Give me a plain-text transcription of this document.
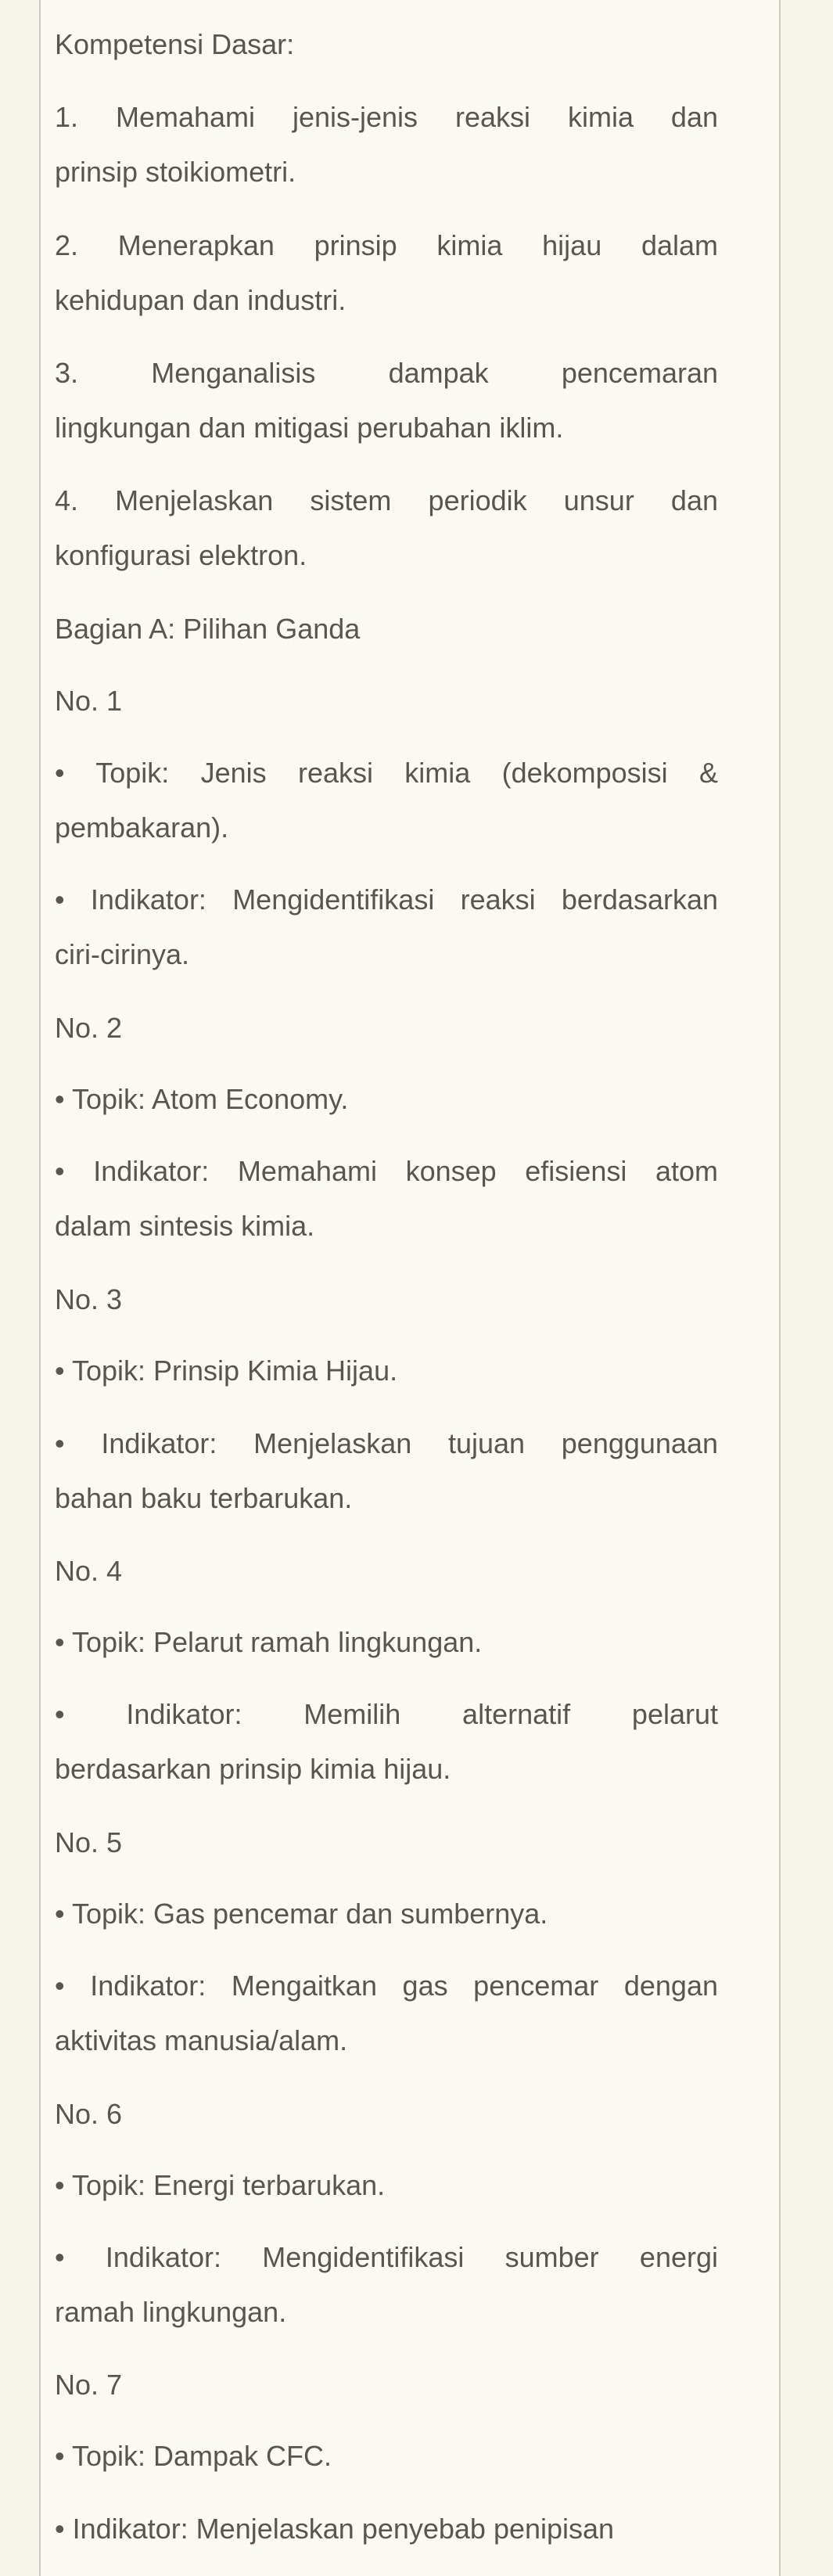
Kompetensi Dasar:
1. Memahami jenis-jenis reaksi kimia dan
prinsip stoikiometri.
2. Menerapkan prinsip kimia hijau dalam
kehidupan dan industri.
3. Menganalisis dampak pencemaran
lingkungan dan mitigasi perubahan iklim.
4. Menjelaskan sistem periodik unsur dan
konfigurasi elektron.
Bagian A: Pilihan Ganda
No. 1
• Topik: Jenis reaksi kimia (dekomposisi &
pembakaran).
• Indikator: Mengidentifikasi reaksi berdasarkan
ciri-cirinya.
No. 2
• Topik: Atom Economy.
• Indikator: Memahami konsep efisiensi atom
dalam sintesis kimia.
No. 3
• Topik: Prinsip Kimia Hijau.
• Indikator: Menjelaskan tujuan penggunaan
bahan baku terbarukan.
No. 4
• Topik: Pelarut ramah lingkungan.
• Indikator: Memilih alternatif pelarut
berdasarkan prinsip kimia hijau.
No. 5
• Topik: Gas pencemar dan sumbernya.
• Indikator: Mengaitkan gas pencemar dengan
aktivitas manusia/alam.
No. 6
• Topik: Energi terbarukan.
• Indikator: Mengidentifikasi sumber energi
ramah lingkungan.
No. 7
• Topik: Dampak CFC.
• Indikator: Menjelaskan penyebab penipisan
